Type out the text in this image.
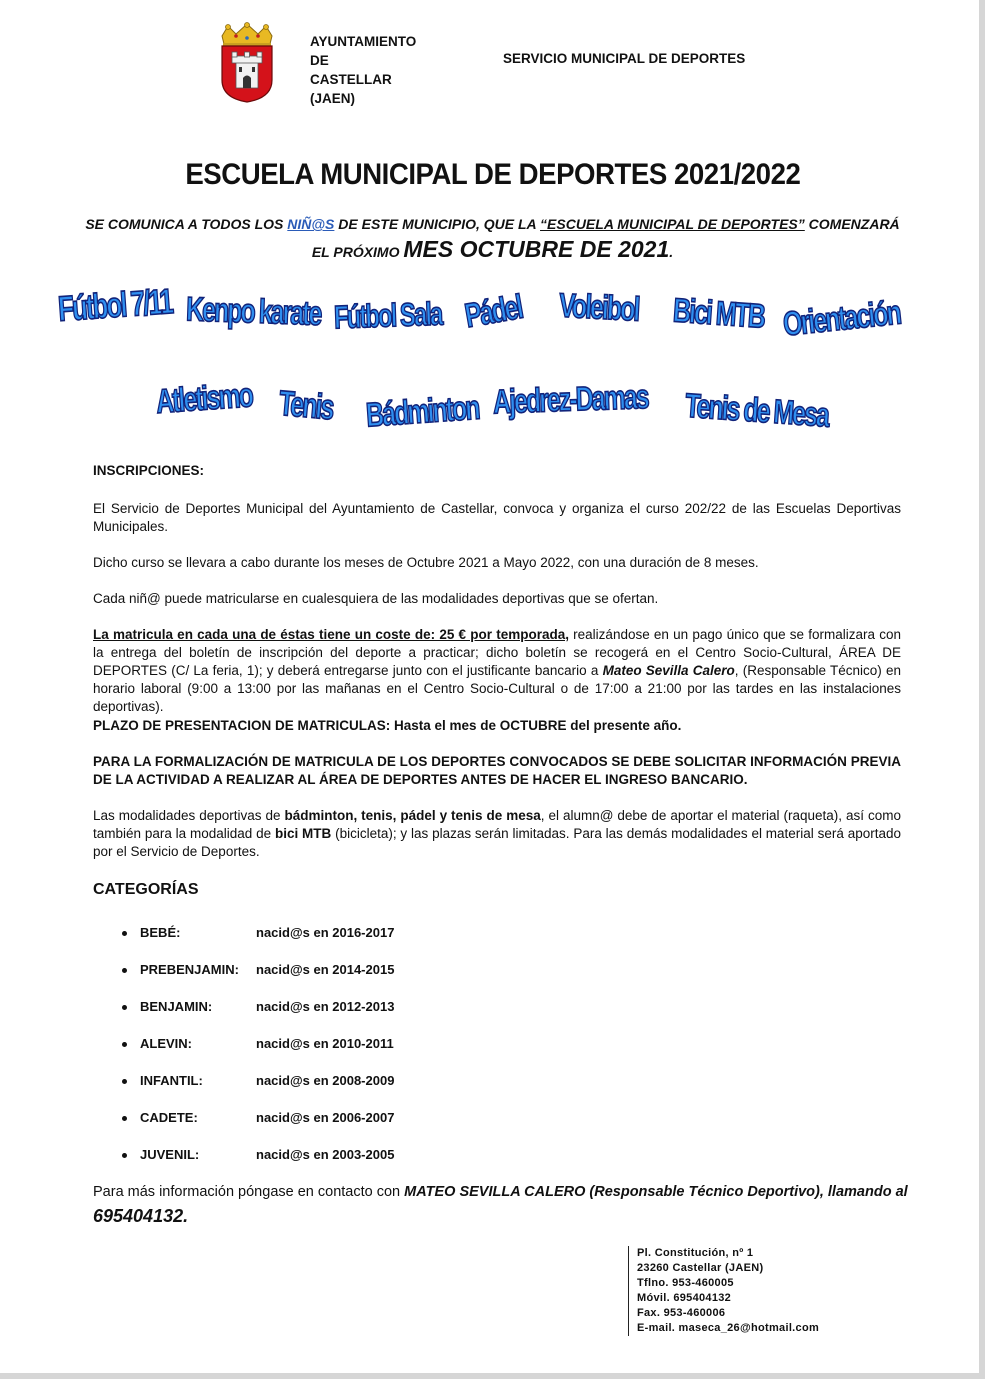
AYUNTAMIENTO
DE
CASTELLAR
(JAEN)
SERVICIO MUNICIPAL DE DEPORTES
ESCUELA MUNICIPAL DE DEPORTES 2021/2022
SE COMUNICA A TODOS LOS NIÑ@S DE ESTE MUNICIPIO, QUE LA “ESCUELA MUNICIPAL DE DEPORTES” COMENZARÁ
EL PRÓXIMO MES OCTUBRE DE 2021.
Fútbol 7/11 Kenpo karate Fútbol Sala Pádel Voleibol Bici MTB Orientación
Atletismo Tenis Bádminton Ajedrez-Damas Tenis de Mesa
INSCRIPCIONES:
El Servicio de Deportes Municipal del Ayuntamiento de Castellar, convoca y organiza el curso 202/22 de las Escuelas Deportivas Municipales.
Dicho curso se llevara a cabo durante los meses de Octubre 2021 a Mayo 2022, con una duración de 8 meses.
Cada niñ@ puede matricularse en cualesquiera de las modalidades deportivas que se ofertan.
La matricula en cada una de éstas tiene un coste de: 25 € por temporada, realizándose en un pago único que se formalizara con la entrega del boletín de inscripción del deporte a practicar; dicho boletín se recogerá en el Centro Socio-Cultural, ÁREA DE DEPORTES (C/ La feria, 1); y deberá entregarse junto con el justificante bancario a Mateo Sevilla Calero, (Responsable Técnico) en horario laboral (9:00 a 13:00 por las mañanas en el Centro Socio-Cultural o de 17:00 a 21:00 por las tardes en las instalaciones deportivas).
PLAZO DE PRESENTACION DE MATRICULAS: Hasta el mes de OCTUBRE del presente año.
PARA LA FORMALIZACIÓN DE MATRICULA DE LOS DEPORTES CONVOCADOS SE DEBE SOLICITAR INFORMACIÓN PREVIA DE LA ACTIVIDAD A REALIZAR AL ÁREA DE DEPORTES ANTES DE HACER EL INGRESO BANCARIO.
Las modalidades deportivas de bádminton, tenis, pádel y tenis de mesa, el alumn@ debe de aportar el material (raqueta), así como también para la modalidad de bici MTB (bicicleta); y las plazas serán limitadas. Para las demás modalidades el material será aportado por el Servicio de Deportes.
CATEGORÍAS
BEBÉ:	nacid@s en 2016-2017
PREBENJAMIN: nacid@s en 2014-2015
BENJAMIN:	nacid@s en 2012-2013
ALEVIN:	nacid@s en 2010-2011
INFANTIL:	nacid@s en 2008-2009
CADETE:	nacid@s en 2006-2007
JUVENIL:	nacid@s en 2003-2005
Para más información póngase en contacto con MATEO SEVILLA CALERO (Responsable Técnico Deportivo), llamando al
695404132.
Pl. Constitución, nº 1
23260 Castellar (JAEN)
Tflno. 953-460005
Móvil. 695404132
Fax. 953-460006
E-mail. maseca_26@hotmail.com
